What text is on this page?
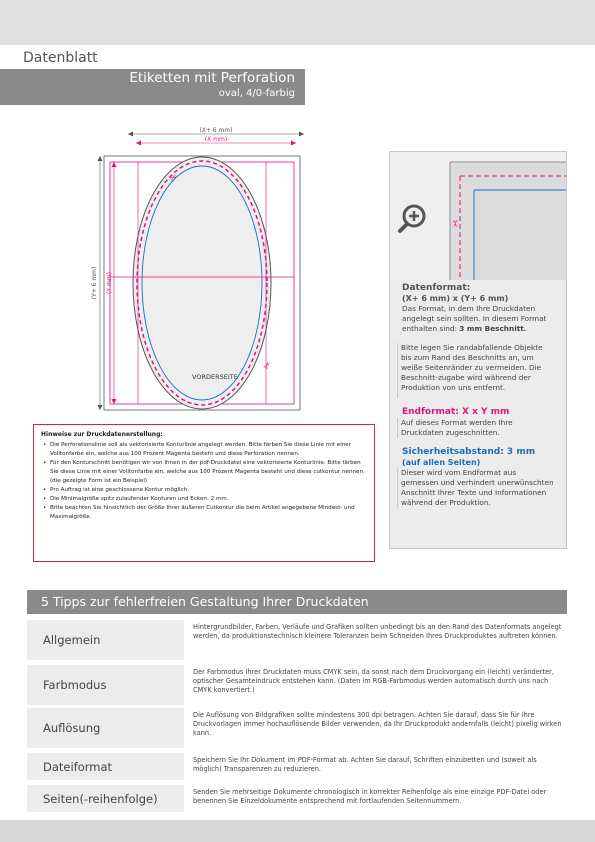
Datenblatt
Etiketten mit Perforation
oval, 4/0-farbig
(X+ 6 mm)
(X mm)
(Y+ 6 mm) (Y mm)
✂
✂
VORDERSEITE
Hinweise zur Druckdatenerstellung:
• Die Perforationslinie soll als vektorisierte Konturlinie angelegt werden. Bitte färben Sie diese Linie mit einer Volltonfarbe ein, welche aus 100 Prozent Magenta besteht und diese Perforation nennen.
• Für den Konturschnitt benötigen wir von Ihnen in der pdf-Druckdatei eine vektorisierte Konturlinie. Bitte färben Sie diese Linie mit einer Volltonfarbe ein, welche aus 100 Prozent Magenta besteht und diese cutkontur nennen. (die gezeigte Form ist ein Beispiel)
• Pro Auftrag ist eine geschlossene Kontur möglich.
• Die Minimalgröße spitz zulaufender Konturen und Ecken: 2 mm.
• Bitte beachten Sie hinsichtlich der Größe Ihrer äußeren Cutkontur die beim Artikel angegebene Mindest- und Maximalgröße.
✂
Datenformat:
(X+ 6 mm) x (Y+ 6 mm)
Das Format, in dem Ihre Druckdaten angelegt sein sollten. In diesem Format enthalten sind: 3 mm Beschnitt.
Bitte legen Sie randabfallende Objekte bis zum Rand des Beschnitts an, um weiße Seitenränder zu vermeiden. Die Beschnitt-zugabe wird während der Produktion von uns entfernt.
Endformat: X x Y mm
Auf dieses Format werden Ihre Druckdaten zugeschnitten.
Sicherheitsabstand: 3 mm
(auf allen Seiten)
Dieser wird vom Endformat aus gemessen und verhindert unerwünschten Anschnitt Ihrer Texte und Informationen während der Produktion.
5 Tipps zur fehlerfreien Gestaltung Ihrer Druckdaten
Allgemein
Hintergrundbilder, Farben, Verläufe und Grafiken sollten unbedingt bis an den Rand des Datenformats angelegt werden, da produktionstechnisch kleinere Toleranzen beim Schneiden Ihres Druckproduktes auftreten können.
Farbmodus
Der Farbmodus Ihrer Druckdaten muss CMYK sein, da sonst nach dem Druckvorgang ein (leicht) veränderter, optischer Gesamteindruck entstehen kann. (Daten im RGB-Farbmodus werden automatisch durch uns nach CMYK konvertiert.)
Auflösung
Die Auflösung von Bildgrafiken sollte mindestens 300 dpi betragen. Achten Sie darauf, dass Sie für Ihre Druckvorlagen immer hochauflösende Bilder verwenden, da Ihr Druckprodukt andernfalls (leicht) pixelig wirken kann.
Dateiformat	Speichern Sie Ihr Dokument im PDF-Format ab. Achten Sie darauf, Schriften einzubetten und (soweit als möglich) Transparenzen zu reduzieren.
Seiten(-reihenfolge)	Senden Sie mehrseitige Dokumente chronologisch in korrekter Reihenfolge als eine einzige PDF-Datei oder benennen Sie Einzeldokumente entsprechend mit fortlaufenden Seitennummern.
